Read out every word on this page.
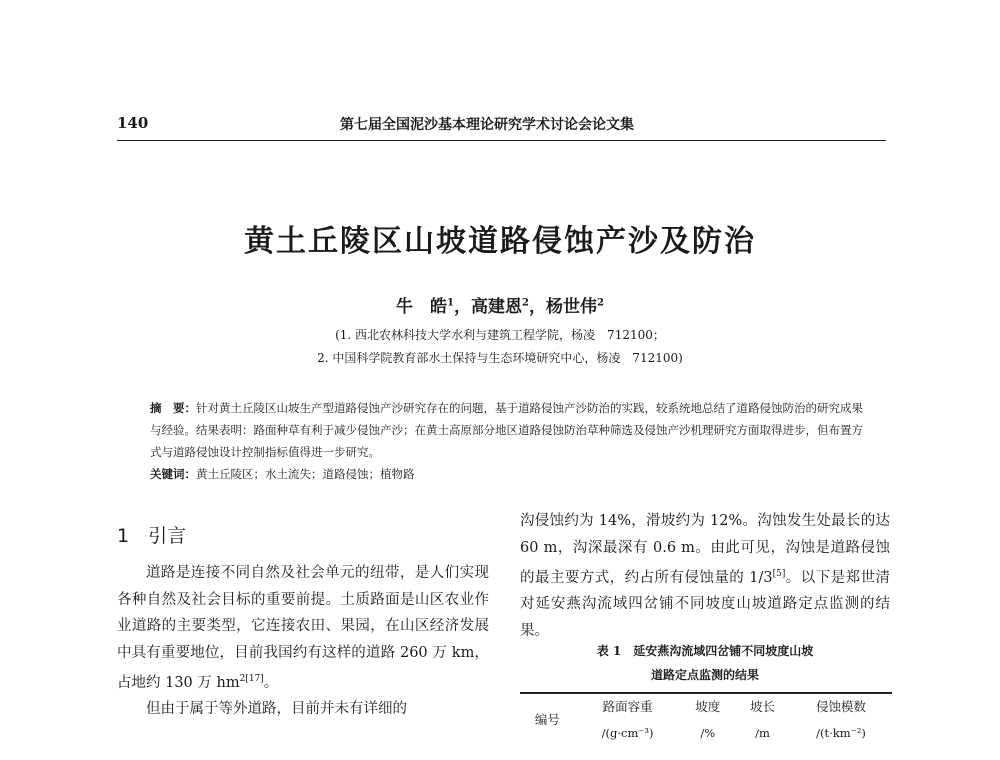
140	第七届全国泥沙基本理论研究学术讨论会论文集
黄土丘陵区山坡道路侵蚀产沙及防治
牛　皓$^1$，高建恩$^2$，杨世伟$^2$
(1. 西北农林科技大学水利与建筑工程学院，杨凌　712100；
2. 中国科学院教育部水土保持与生态环境研究中心，杨凌　712100)
摘　要：针对黄土丘陵区山坡生产型道路侵蚀产沙研究存在的问题，基于道路侵蚀产沙防治的实践，较系统地总结了道路侵蚀防治的研究成果与经验。结果表明：路面种草有利于减少侵蚀产沙；在黄土高原部分地区道路侵蚀防治草种筛选及侵蚀产沙机理研究方面取得进步，但布置方式与道路侵蚀设计控制指标值得进一步研究。
关键词：黄土丘陵区；水土流失；道路侵蚀；植物路
1　引言

道路是连接不同自然及社会单元的纽带，是人们实现各种自然及社会目标的重要前提。土质路面是山区农业作业道路的主要类型，它连接农田、果园，在山区经济发展中具有重要地位，目前我国约有这样的道路 260 万 km，占地约 130 万 hm$^{2[17]}$。

但由于属于等外道路，目前并未有详细的

沟侵蚀约为 14%，滑坡约为 12%。沟蚀发生处最长的达 60 m，沟深最深有 0.6 m。由此可见，沟蚀是道路侵蚀的最主要方式，约占所有侵蚀量的 1/3[5]。以下是郑世清对延安燕沟流域四岔铺不同坡度山坡道路定点监测的结果。

表 1　延安燕沟流域四岔铺不同坡度山坡
道路定点监测的结果
编号	路面容重	坡度	坡长	侵蚀模数
	/(g·cm⁻³)	/%	/m	/(t·km⁻²)
